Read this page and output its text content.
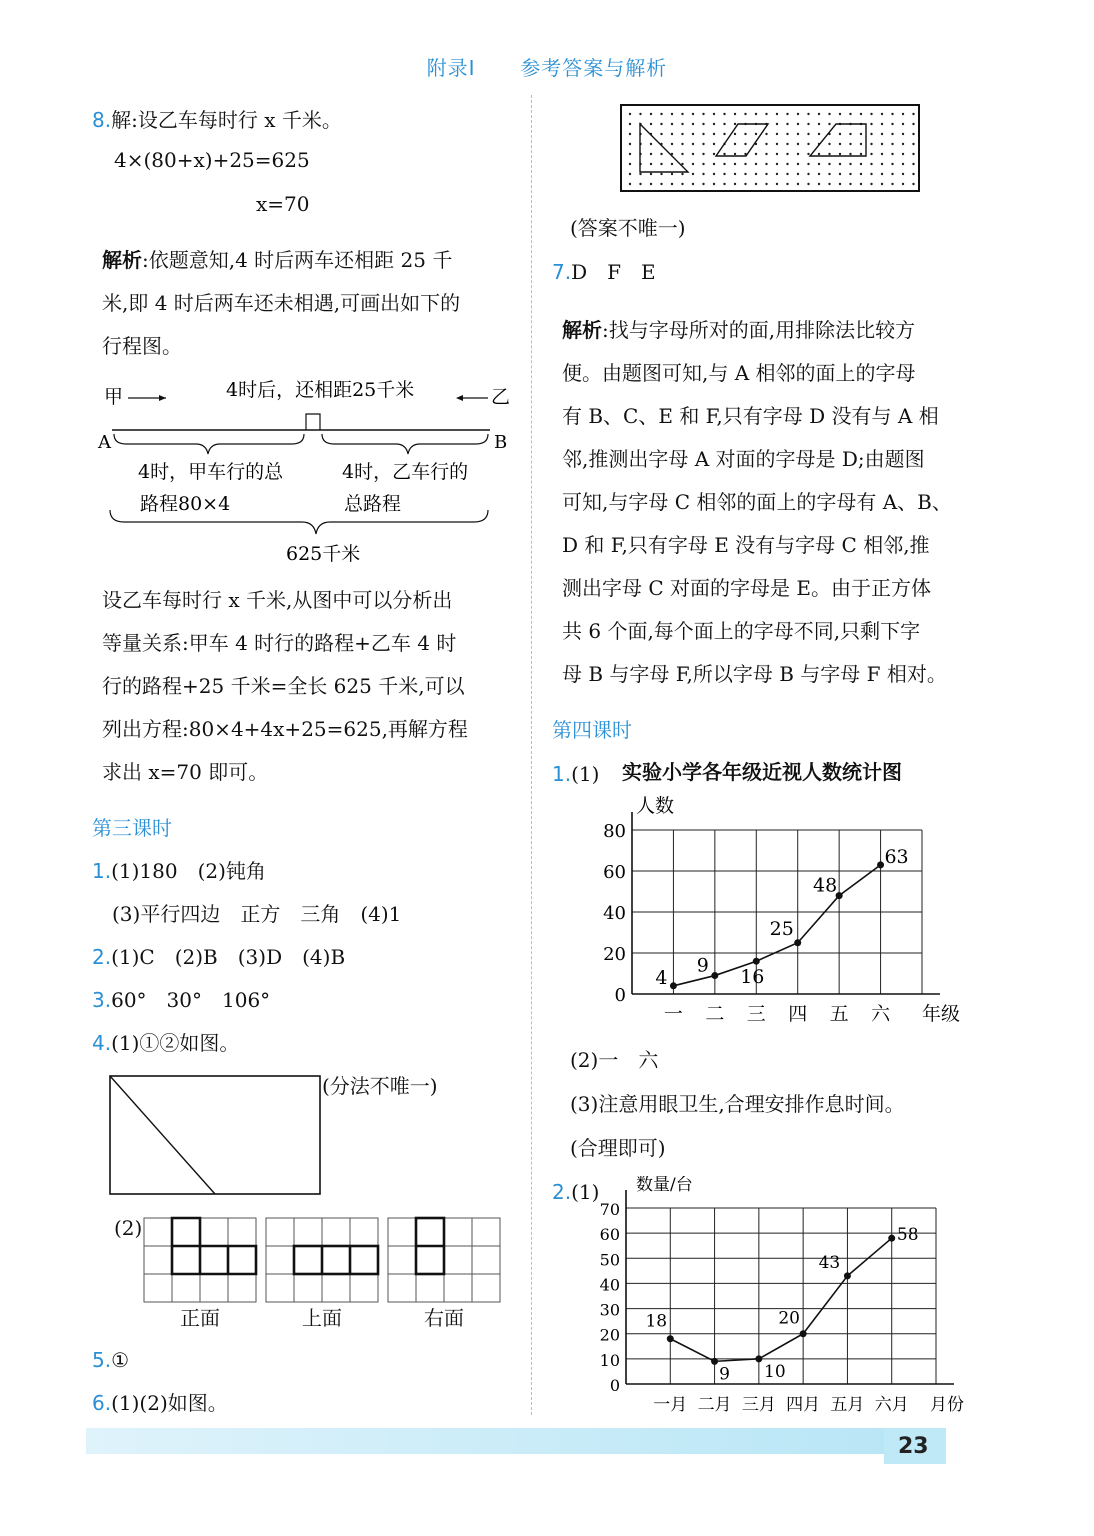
附录Ⅰ 参考答案与解析
8.解:设乙车每时行 x 千米。
4×(80+x)+25=625
x=70
解析:依题意知,4 时后两车还相距 25 千
米,即 4 时后两车还未相遇,可画出如下的
行程图。
甲	4时后，还相距25千米	乙
A	B
4时，甲车行的总
路程80×4
4时，乙车行的
总路程
625千米
设乙车每时行 x 千米,从图中可以分析出
等量关系:甲车 4 时行的路程+乙车 4 时
行的路程+25 千米=全长 625 千米,可以
列出方程:80×4+4x+25=625,再解方程
求出 x=70 即可。
第三课时
1.(1)180　(2)钝角
(3)平行四边　正方　三角　(4)1
2.(1)C　(2)B　(3)D　(4)B
3.60°　30°　106°
4.(1)①②如图。
(分法不唯一)
(2)
正面	上面	右面
5.①
6.(1)(2)如图。
(答案不唯一)
7.D　F　E
解析:找与字母所对的面,用排除法比较方
便。由题图可知,与 A 相邻的面上的字母
有 B、C、E 和 F,只有字母 D 没有与 A 相
邻,推测出字母 A 对面的字母是 D;由题图
可知,与字母 C 相邻的面上的字母有 A、B、
D 和 F,只有字母 E 没有与字母 C 相邻,推
测出字母 C 对面的字母是 E。由于正方体
共 6 个面,每个面上的字母不同,只剩下字
母 B 与字母 F,所以字母 B 与字母 F 相对。
第四课时
1.(1) 实验小学各年级近视人数统计图
0
20
40
60
80
人数
年级
一 二 三 四 五 六
4
9
16
25
48
63
(2)一　六
(3)注意用眼卫生,合理安排作息时间。
(合理即可)
2.(1)
0
10
20
30
40
50
60
70
数量/台
月份
一月 二月 三月 四月 五月 六月
18
9 10
20
43
58
23
